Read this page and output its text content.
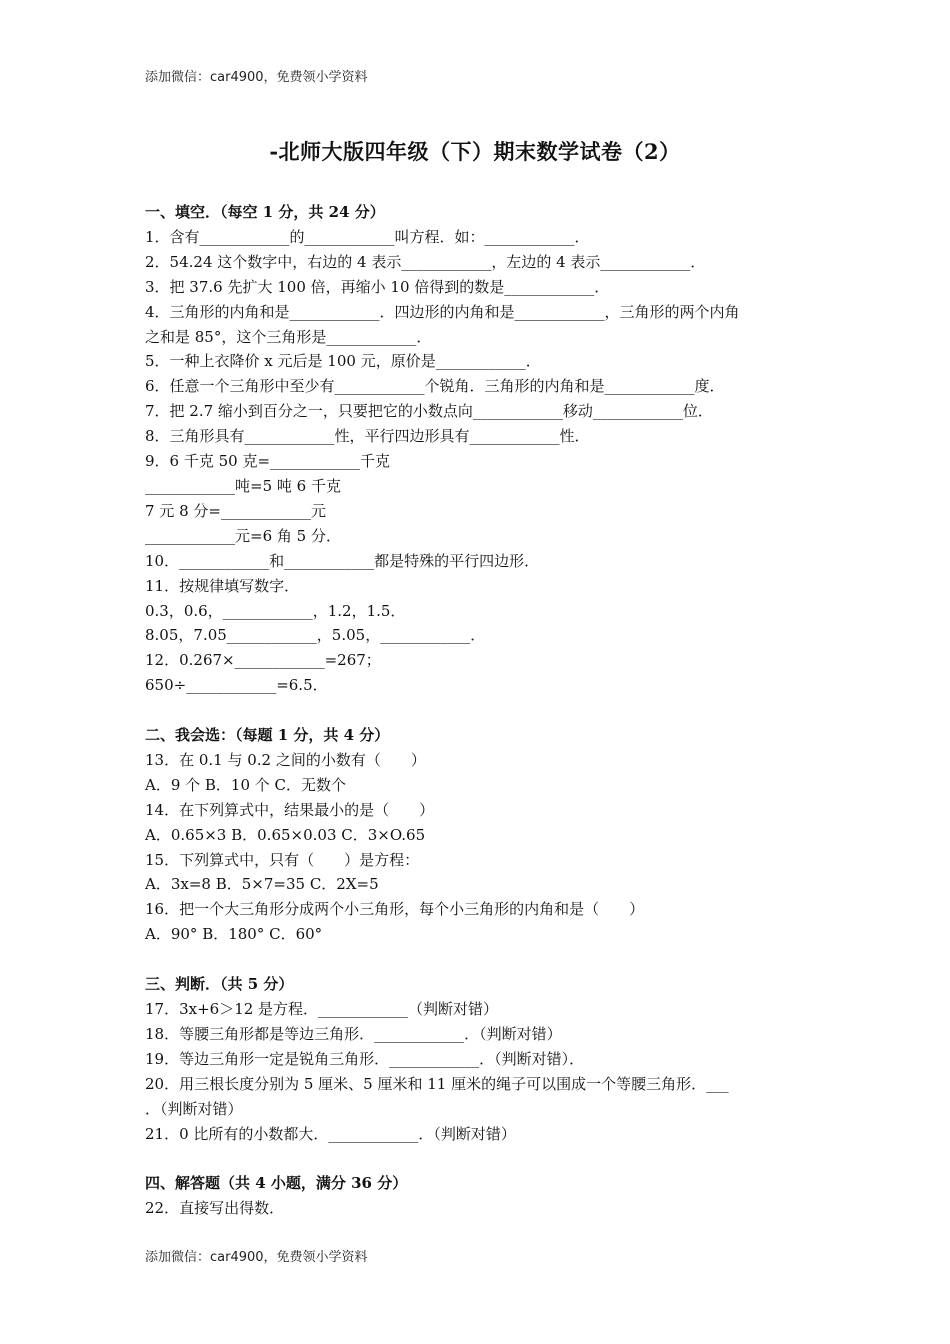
添加微信：car4900，免费领小学资料
-北师大版四年级（下）期末数学试卷（2）
一、填空．（每空 1 分，共 24 分）
1．含有____________的____________叫方程．如：____________．
2．54.24 这个数字中，右边的 4 表示____________，左边的 4 表示____________．
3．把 37.6 先扩大 100 倍，再缩小 10 倍得到的数是____________．
4．三角形的内角和是____________．四边形的内角和是____________，三角形的两个内角
之和是 85°，这个三角形是____________．
5．一种上衣降价 x 元后是 100 元，原价是____________．
6．任意一个三角形中至少有____________个锐角．三角形的内角和是____________度．
7．把 2.7 缩小到百分之一，只要把它的小数点向____________移动____________位．
8．三角形具有____________性，平行四边形具有____________性．
9．6 千克 50 克=____________千克
____________吨=5 吨 6 千克
7 元 8 分=____________元
____________元=6 角 5 分．
10．____________和____________都是特殊的平行四边形．
11．按规律填写数字．
0.3，0.6，____________，1.2，1.5．
8.05，7.05____________，5.05，____________．
12．0.267×____________=267；
650÷____________=6.5．
二、我会选：（每题 1 分，共 4 分）
13．在 0.1 与 0.2 之间的小数有（　　）
A．9 个 B．10 个 C．无数个
14．在下列算式中，结果最小的是（　　）
A．0.65×3 B．0.65×0.03 C．3×O.65
15．下列算式中，只有（　　）是方程：
A．3x=8 B．5×7=35 C．2X=5
16．把一个大三角形分成两个小三角形，每个小三角形的内角和是（　　）
A．90° B．180° C．60°
三、判断．（共 5 分）
17．3x+6＞12 是方程．____________（判断对错）
18．等腰三角形都是等边三角形．____________．（判断对错）
19．等边三角形一定是锐角三角形．____________．（判断对错）．
20．用三根长度分别为 5 厘米、5 厘米和 11 厘米的绳子可以围成一个等腰三角形．___
．（判断对错）
21．0 比所有的小数都大．____________．（判断对错）
四、解答题（共 4 小题，满分 36 分）
22．直接写出得数．
添加微信：car4900，免费领小学资料
